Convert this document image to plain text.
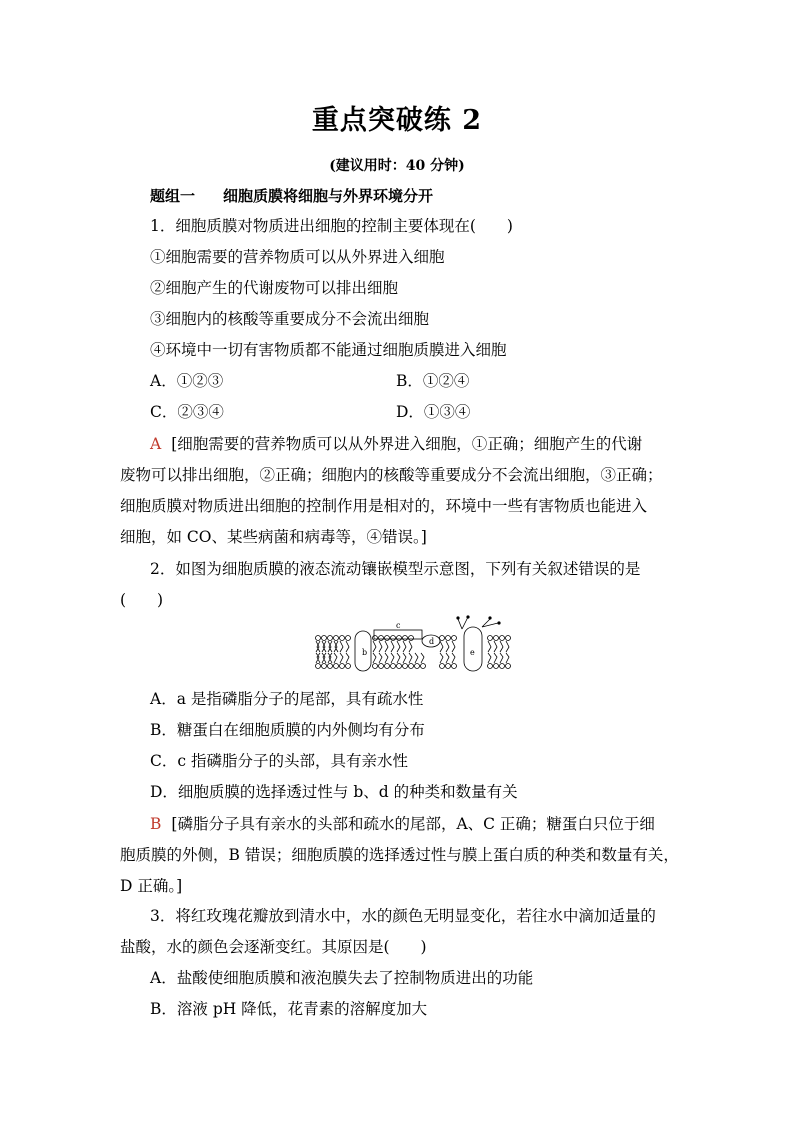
重点突破练 2
(建议用时：40 分钟)
题组一 细胞质膜将细胞与外界环境分开
1．细胞质膜对物质进出细胞的控制主要体现在(　　)
①细胞需要的营养物质可以从外界进入细胞
②细胞产生的代谢废物可以排出细胞
③细胞内的核酸等重要成分不会流出细胞
④环境中一切有害物质都不能通过细胞质膜进入细胞
A．①②③	B．①②④
C．②③④	D．①③④
A [细胞需要的营养物质可以从外界进入细胞，①正确；细胞产生的代谢
废物可以排出细胞，②正确；细胞内的核酸等重要成分不会流出细胞，③正确；
细胞质膜对物质进出细胞的控制作用是相对的，环境中一些有害物质也能进入
细胞，如 CO、某些病菌和病毒等，④错误。]
2．如图为细胞质膜的液态流动镶嵌模型示意图，下列有关叙述错误的是
(　　)
b
c
d
e
A．a 是指磷脂分子的尾部，具有疏水性
B．糖蛋白在细胞质膜的内外侧均有分布
C．c 指磷脂分子的头部，具有亲水性
D．细胞质膜的选择透过性与 b、d 的种类和数量有关
B [磷脂分子具有亲水的头部和疏水的尾部，A、C 正确；糖蛋白只位于细
胞质膜的外侧，B 错误；细胞质膜的选择透过性与膜上蛋白质的种类和数量有关，
D 正确。]
3．将红玫瑰花瓣放到清水中，水的颜色无明显变化，若往水中滴加适量的
盐酸，水的颜色会逐渐变红。其原因是(　　)
A．盐酸使细胞质膜和液泡膜失去了控制物质进出的功能
B．溶液 pH 降低，花青素的溶解度加大
